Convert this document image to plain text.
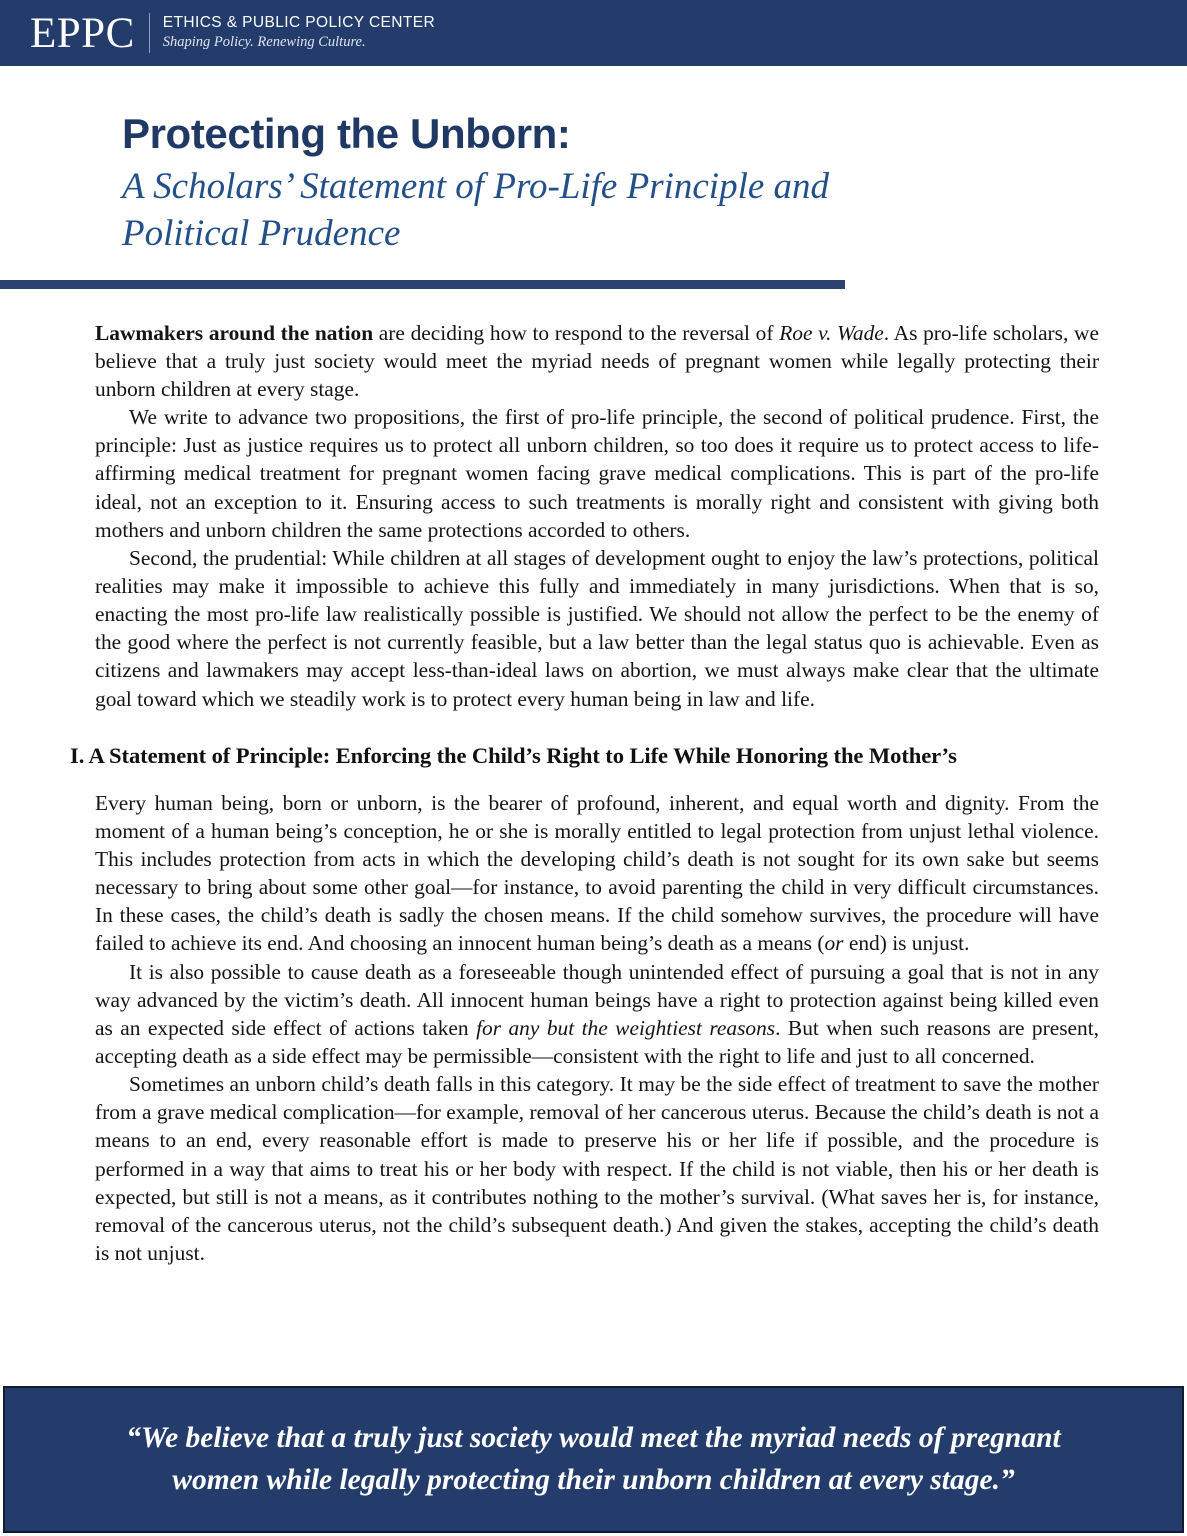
EPPC	ETHICS & PUBLIC POLICY CENTER
Shaping Policy. Renewing Culture.
Protecting the Unborn:
A Scholars’ Statement of Pro-Life Principle and Political Prudence

Lawmakers around the nation are deciding how to respond to the reversal of Roe v. Wade. As pro-life scholars, we believe that a truly just society would meet the myriad needs of pregnant women while legally protecting their unborn children at every stage.

We write to advance two propositions, the first of pro-life principle, the second of political prudence. First, the principle: Just as justice requires us to protect all unborn children, so too does it require us to protect access to life-affirming medical treatment for pregnant women facing grave medical complications. This is part of the pro-life ideal, not an exception to it. Ensuring access to such treatments is morally right and consistent with giving both mothers and unborn children the same protections accorded to others.

Second, the prudential: While children at all stages of development ought to enjoy the law’s protections, political realities may make it impossible to achieve this fully and immediately in many jurisdictions. When that is so, enacting the most pro-life law realistically possible is justified. We should not allow the perfect to be the enemy of the good where the perfect is not currently feasible, but a law better than the legal status quo is achievable. Even as citizens and lawmakers may accept less-than-ideal laws on abortion, we must always make clear that the ultimate goal toward which we steadily work is to protect every human being in law and life.

I. A Statement of Principle: Enforcing the Child’s Right to Life While Honoring the Mother’s

Every human being, born or unborn, is the bearer of profound, inherent, and equal worth and dignity. From the moment of a human being’s conception, he or she is morally entitled to legal protection from unjust lethal violence. This includes protection from acts in which the developing child’s death is not sought for its own sake but seems necessary to bring about some other goal—for instance, to avoid parenting the child in very difficult circumstances. In these cases, the child’s death is sadly the chosen means. If the child somehow survives, the procedure will have failed to achieve its end. And choosing an innocent human being’s death as a means (or end) is unjust.

It is also possible to cause death as a foreseeable though unintended effect of pursuing a goal that is not in any way advanced by the victim’s death. All innocent human beings have a right to protection against being killed even as an expected side effect of actions taken for any but the weightiest reasons. But when such reasons are present, accepting death as a side effect may be permissible—consistent with the right to life and just to all concerned.

Sometimes an unborn child’s death falls in this category. It may be the side effect of treatment to save the mother from a grave medical complication—for example, removal of her cancerous uterus. Because the child’s death is not a means to an end, every reasonable effort is made to preserve his or her life if possible, and the procedure is performed in a way that aims to treat his or her body with respect. If the child is not viable, then his or her death is expected, but still is not a means, as it contributes nothing to the mother’s survival. (What saves her is, for instance, removal of the cancerous uterus, not the child’s subsequent death.) And given the stakes, accepting the child’s death is not unjust.

“We believe that a truly just society would meet the myriad needs of pregnant women while legally protecting their unborn children at every stage.”
